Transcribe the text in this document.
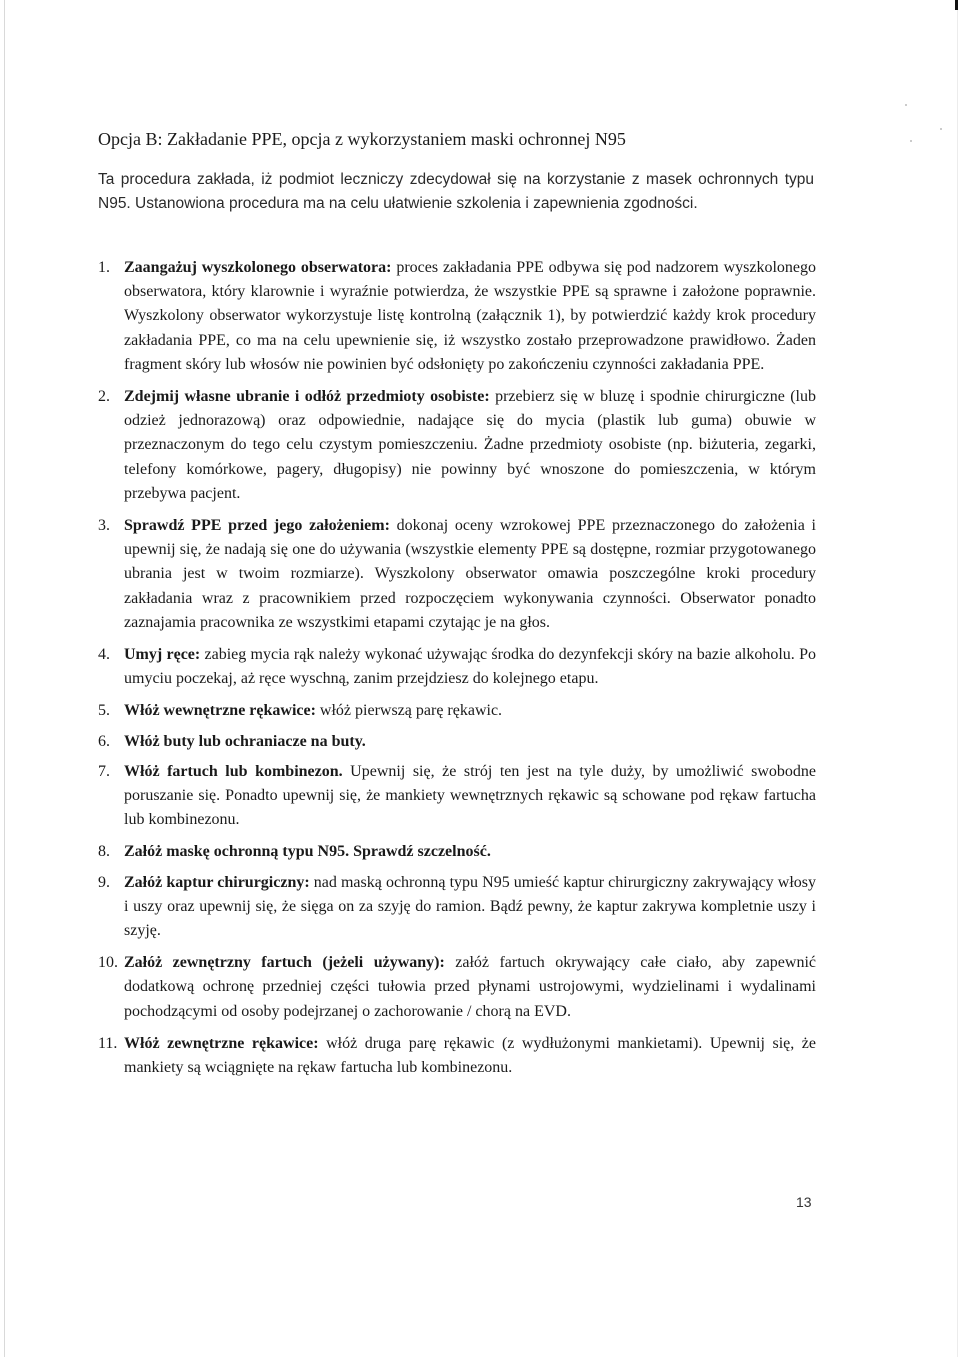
Opcja B: Zakładanie PPE, opcja z wykorzystaniem maski ochronnej N95

Ta procedura zakłada, iż podmiot leczniczy zdecydował się na korzystanie z masek ochronnych typu N95. Ustanowiona procedura ma na celu ułatwienie szkolenia i zapewnienia zgodności.

1. Zaangażuj wyszkolonego obserwatora: proces zakładania PPE odbywa się pod nadzorem wyszkolonego obserwatora, który klarownie i wyraźnie potwierdza, że wszystkie PPE są sprawne i założone poprawnie. Wyszkolony obserwator wykorzystuje listę kontrolną (załącznik 1), by potwierdzić każdy krok procedury zakładania PPE, co ma na celu upewnienie się, iż wszystko zostało przeprowadzone prawidłowo. Żaden fragment skóry lub włosów nie powinien być odsłonięty po zakończeniu czynności zakładania PPE.
2. Zdejmij własne ubranie i odłóż przedmioty osobiste: przebierz się w bluzę i spodnie chirurgiczne (lub odzież jednorazową) oraz odpowiednie, nadające się do mycia (plastik lub guma) obuwie w przeznaczonym do tego celu czystym pomieszczeniu. Żadne przedmioty osobiste (np. biżuteria, zegarki, telefony komórkowe, pagery, długopisy) nie powinny być wnoszone do pomieszczenia, w którym przebywa pacjent.
3. Sprawdź PPE przed jego założeniem: dokonaj oceny wzrokowej PPE przeznaczonego do założenia i upewnij się, że nadają się one do używania (wszystkie elementy PPE są dostępne, rozmiar przygotowanego ubrania jest w twoim rozmiarze). Wyszkolony obserwator omawia poszczególne kroki procedury zakładania wraz z pracownikiem przed rozpoczęciem wykonywania czynności. Obserwator ponadto zaznajamia pracownika ze wszystkimi etapami czytając je na głos.
4. Umyj ręce: zabieg mycia rąk należy wykonać używając środka do dezynfekcji skóry na bazie alkoholu. Po umyciu poczekaj, aż ręce wyschną, zanim przejdziesz do kolejnego etapu.
5. Włóż wewnętrzne rękawice: włóż pierwszą parę rękawic.
6. Włóż buty lub ochraniacze na buty.
7. Włóż fartuch lub kombinezon. Upewnij się, że strój ten jest na tyle duży, by umożliwić swobodne poruszanie się. Ponadto upewnij się, że mankiety wewnętrznych rękawic są schowane pod rękaw fartucha lub kombinezonu.
8. Załóż maskę ochronną typu N95. Sprawdź szczelność.
9. Załóż kaptur chirurgiczny: nad maską ochronną typu N95 umieść kaptur chirurgiczny zakrywający włosy i uszy oraz upewnij się, że sięga on za szyję do ramion. Bądź pewny, że kaptur zakrywa kompletnie uszy i szyję.
10. Załóż zewnętrzny fartuch (jeżeli używany): załóż fartuch okrywający całe ciało, aby zapewnić dodatkową ochronę przedniej części tułowia przed płynami ustrojowymi, wydzielinami i wydalinami pochodzącymi od osoby podejrzanej o zachorowanie / chorą na EVD.
11. Włóż zewnętrzne rękawice: włóż druga parę rękawic (z wydłużonymi mankietami). Upewnij się, że mankiety są wciągnięte na rękaw fartucha lub kombinezonu.
13
